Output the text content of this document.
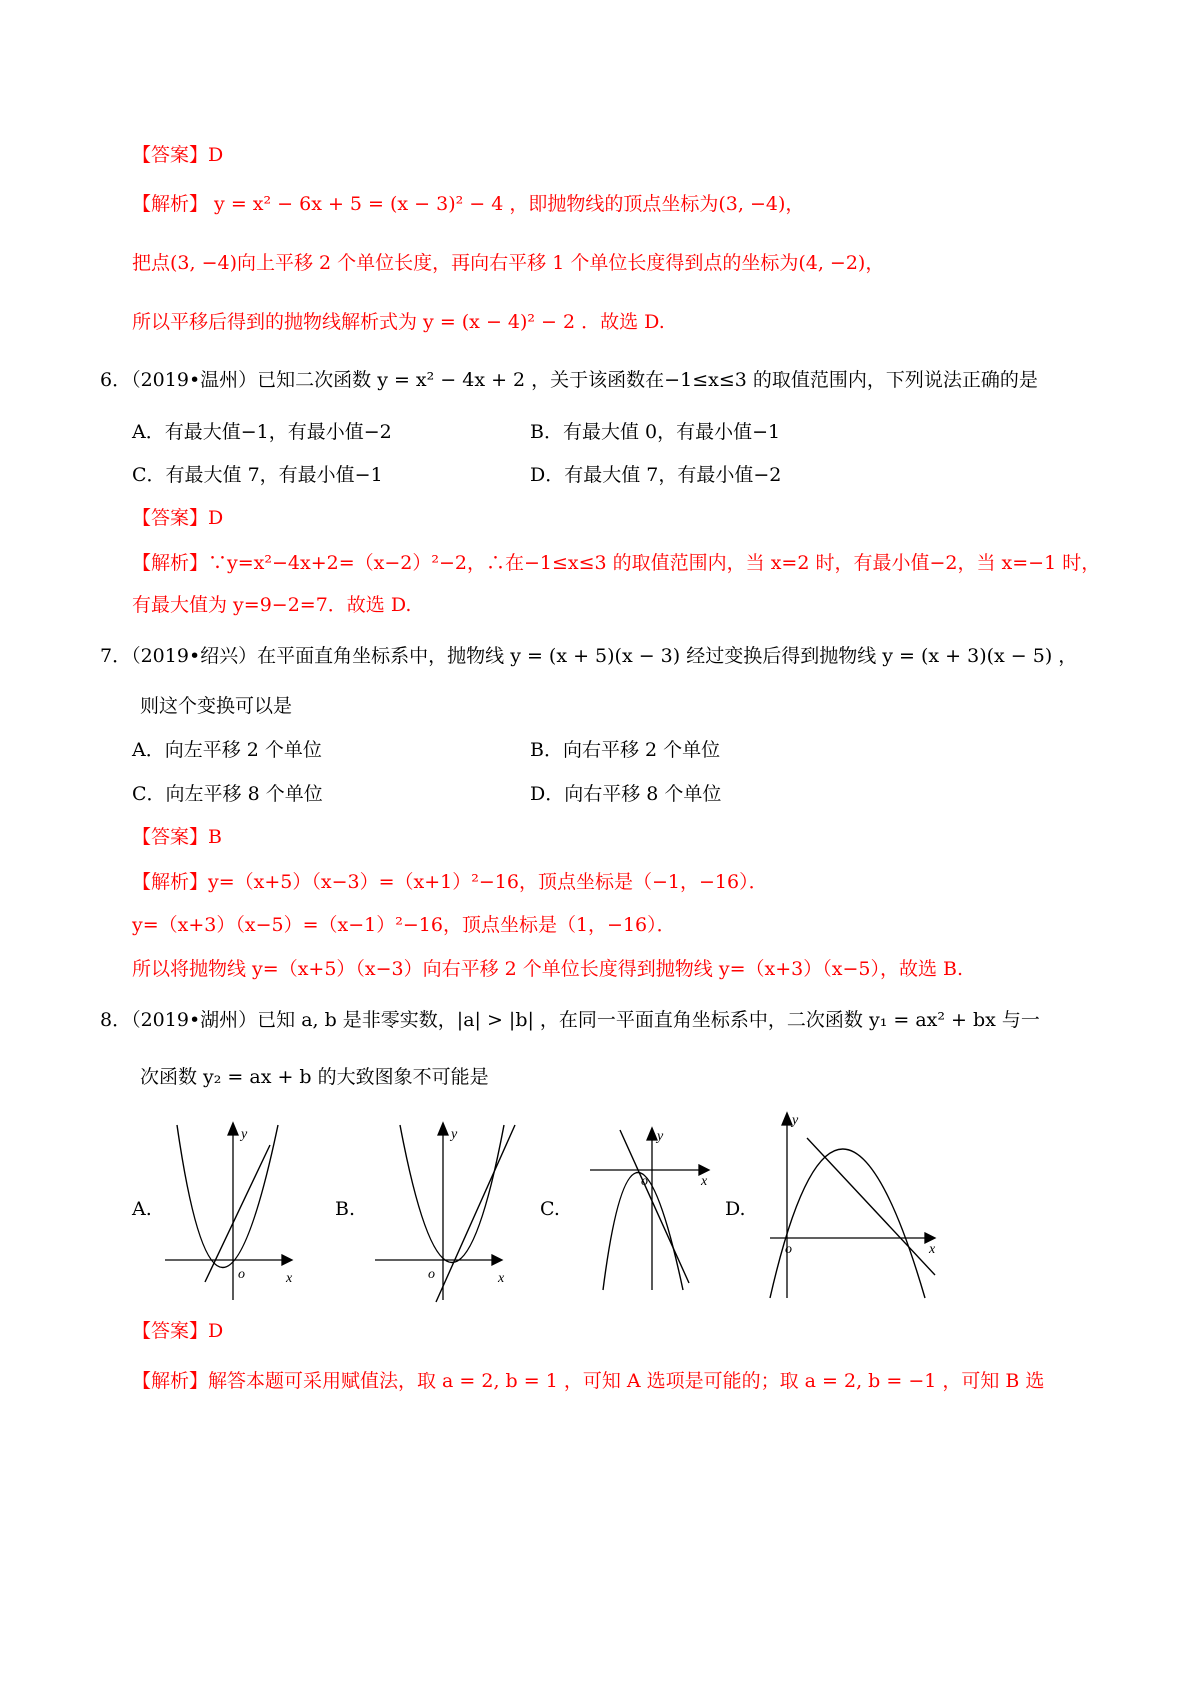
【答案】D
【解析】 y = x² − 6x + 5 = (x − 3)² − 4 ，即抛物线的顶点坐标为(3, −4)，
把点(3, −4)向上平移 2 个单位长度，再向右平移 1 个单位长度得到点的坐标为(4, −2)，
所以平移后得到的抛物线解析式为 y = (x − 4)² − 2 ．故选 D.
6．（2019•温州）已知二次函数 y = x² − 4x + 2 ，关于该函数在−1≤x≤3 的取值范围内，下列说法正确的是
A．有最大值−1，有最小值−2	B．有最大值 0，有最小值−1
C．有最大值 7，有最小值−1	D．有最大值 7，有最小值−2
【答案】D
【解析】∵y=x²−4x+2=（x−2）²−2，∴在−1≤x≤3 的取值范围内，当 x=2 时，有最小值−2，当 x=−1 时，
有最大值为 y=9−2=7．故选 D.
7．（2019•绍兴）在平面直角坐标系中，抛物线 y = (x + 5)(x − 3) 经过变换后得到抛物线 y = (x + 3)(x − 5) ，
则这个变换可以是
A．向左平移 2 个单位	B．向右平移 2 个单位
C．向左平移 8 个单位	D．向右平移 8 个单位
【答案】B
【解析】y=（x+5）（x−3）=（x+1）²−16，顶点坐标是（−1，−16）．
y=（x+3）（x−5）=（x−1）²−16，顶点坐标是（1，−16）．
所以将抛物线 y=（x+5）（x−3）向右平移 2 个单位长度得到抛物线 y=（x+3）（x−5），故选 B.
8．（2019•湖州）已知 a, b 是非零实数，|a| > |b| ，在同一平面直角坐标系中，二次函数 y₁ = ax² + bx 与一
次函数 y₂ = ax + b 的大致图象不可能是
A.
y
o	x
B.
y
o	x
C.
y
o	x
D.
y
o	x
【答案】D
【解析】解答本题可采用赋值法，取 a = 2, b = 1 ，可知 A 选项是可能的；取 a = 2, b = −1 ，可知 B 选
